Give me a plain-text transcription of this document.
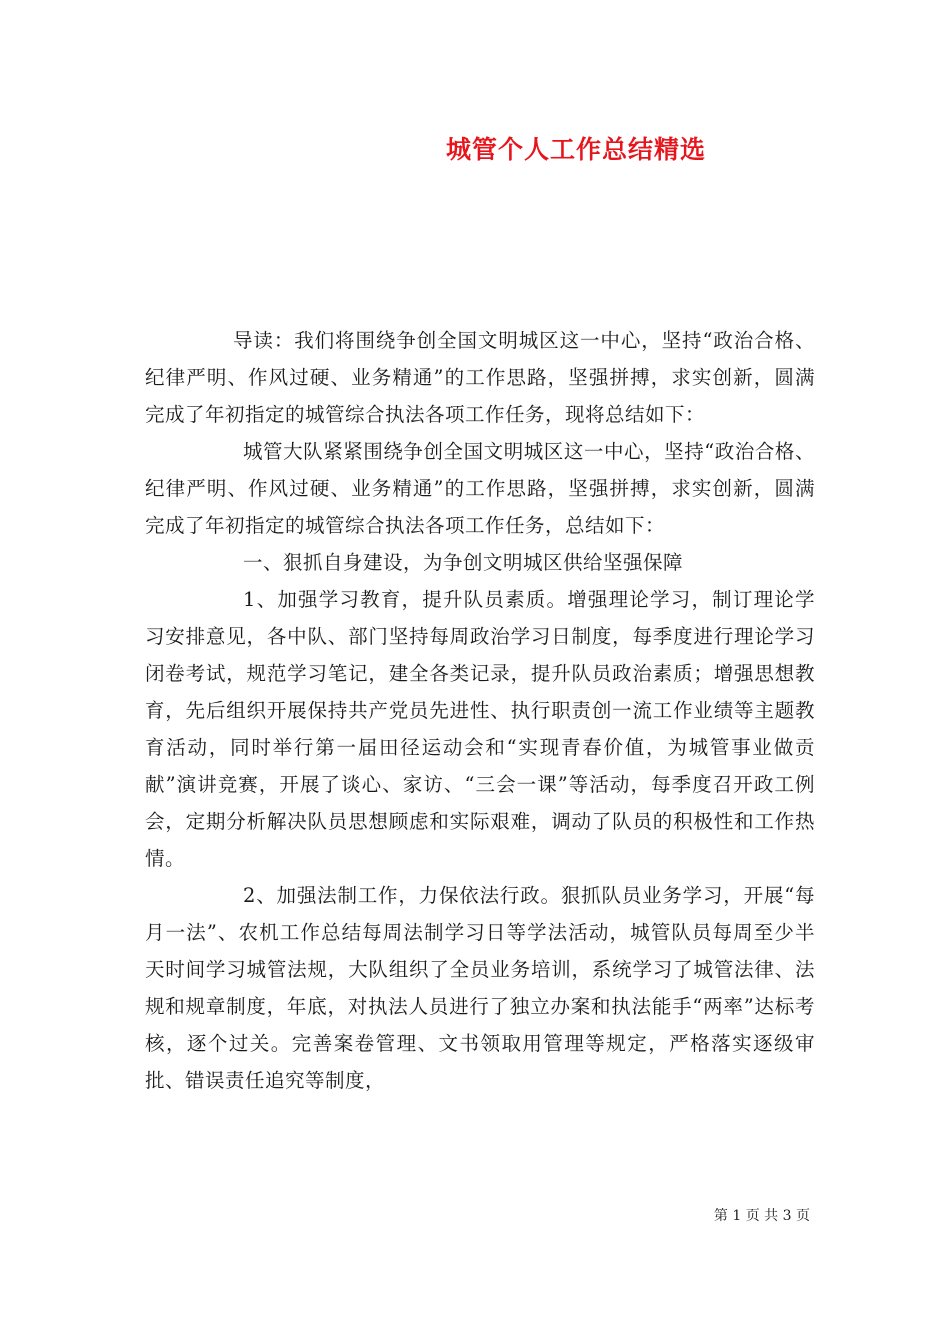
城管个人工作总结精选

导读：我们将围绕争创全国文明城区这一中心，坚持“政治合格、纪律严明、作风过硬、业务精通”的工作思路，坚强拼搏，求实创新，圆满完成了年初指定的城管综合执法各项工作任务，现将总结如下：

城管大队紧紧围绕争创全国文明城区这一中心，坚持“政治合格、纪律严明、作风过硬、业务精通”的工作思路，坚强拼搏，求实创新，圆满完成了年初指定的城管综合执法各项工作任务，总结如下：

一、狠抓自身建设，为争创文明城区供给坚强保障

1、加强学习教育，提升队员素质。增强理论学习，制订理论学习安排意见，各中队、部门坚持每周政治学习日制度，每季度进行理论学习闭卷考试，规范学习笔记，建全各类记录，提升队员政治素质；增强思想教育，先后组织开展保持共产党员先进性、执行职责创一流工作业绩等主题教育活动，同时举行第一届田径运动会和“实现青春价值，为城管事业做贡献”演讲竞赛，开展了谈心、家访、“三会一课”等活动，每季度召开政工例会，定期分析解决队员思想顾虑和实际艰难，调动了队员的积极性和工作热情。

2、加强法制工作，力保依法行政。狠抓队员业务学习，开展“每月一法”、农机工作总结每周法制学习日等学法活动，城管队员每周至少半天时间学习城管法规，大队组织了全员业务培训，系统学习了城管法律、法规和规章制度，年底，对执法人员进行了独立办案和执法能手“两率”达标考核，逐个过关。完善案卷管理、文书领取用管理等规定，严格落实逐级审批、错误责任追究等制度，

第 1 页 共 3 页
